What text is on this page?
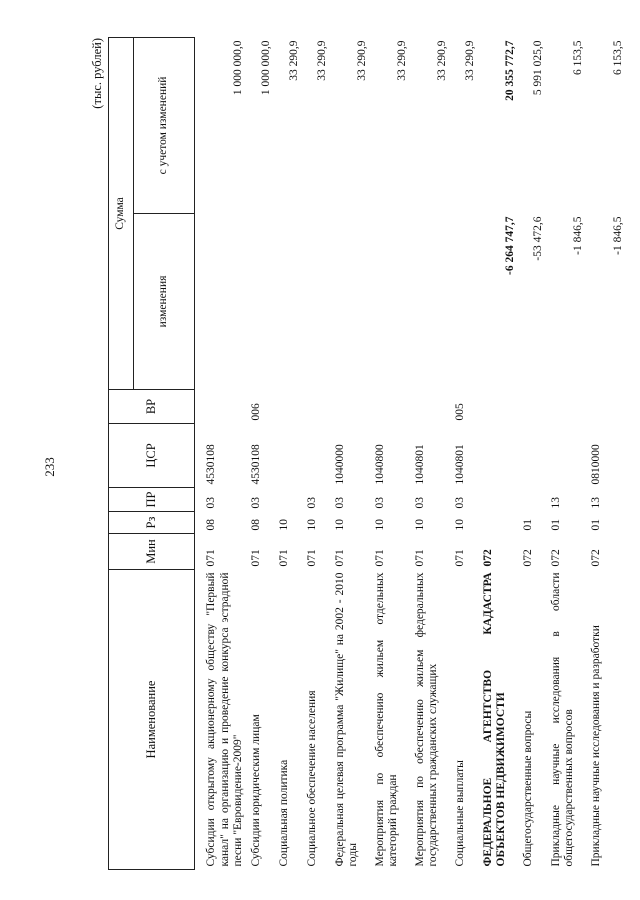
233
(тыс. рублей)
Наименование	Мин	Рз	ПР	ЦСР	ВР	Сумма	
						изменения	с учетом изменений

Субсидии открытому акционерному обществу "Первый канал" на организацию и проведение конкурса эстрадной песни "Евровидение-2009"	071	08	03	4530108			1 000 000,0
Субсидии юридическим лицам	071	08	03	4530108	006		1 000 000,0
Социальная политика	071	10					33 290,9
Социальное обеспечение населения	071	10	03				33 290,9
Федеральная целевая программа "Жилище" на 2002 - 2010 годы	071	10	03	1040000			33 290,9
Мероприятия по обеспечению жильем отдельных категорий граждан	071	10	03	1040800			33 290,9
Мероприятия по обеспечению жильем федеральных государственных гражданских служащих	071	10	03	1040801			33 290,9
Социальные выплаты	071	10	03	1040801	005		33 290,9
ФЕДЕРАЛЬНОЕ АГЕНТСТВО КАДАСТРА ОБЪЕКТОВ НЕДВИЖИМОСТИ	072					-6 264 747,7	20 355 772,7
Общегосударственные вопросы	072	01				-53 472,6	5 991 025,0
Прикладные научные исследования в области общегосударственных вопросов	072	01	13			-1 846,5	6 153,5
Прикладные научные исследования и разработки	072	01	13	0810000		-1 846,5	6 153,5
